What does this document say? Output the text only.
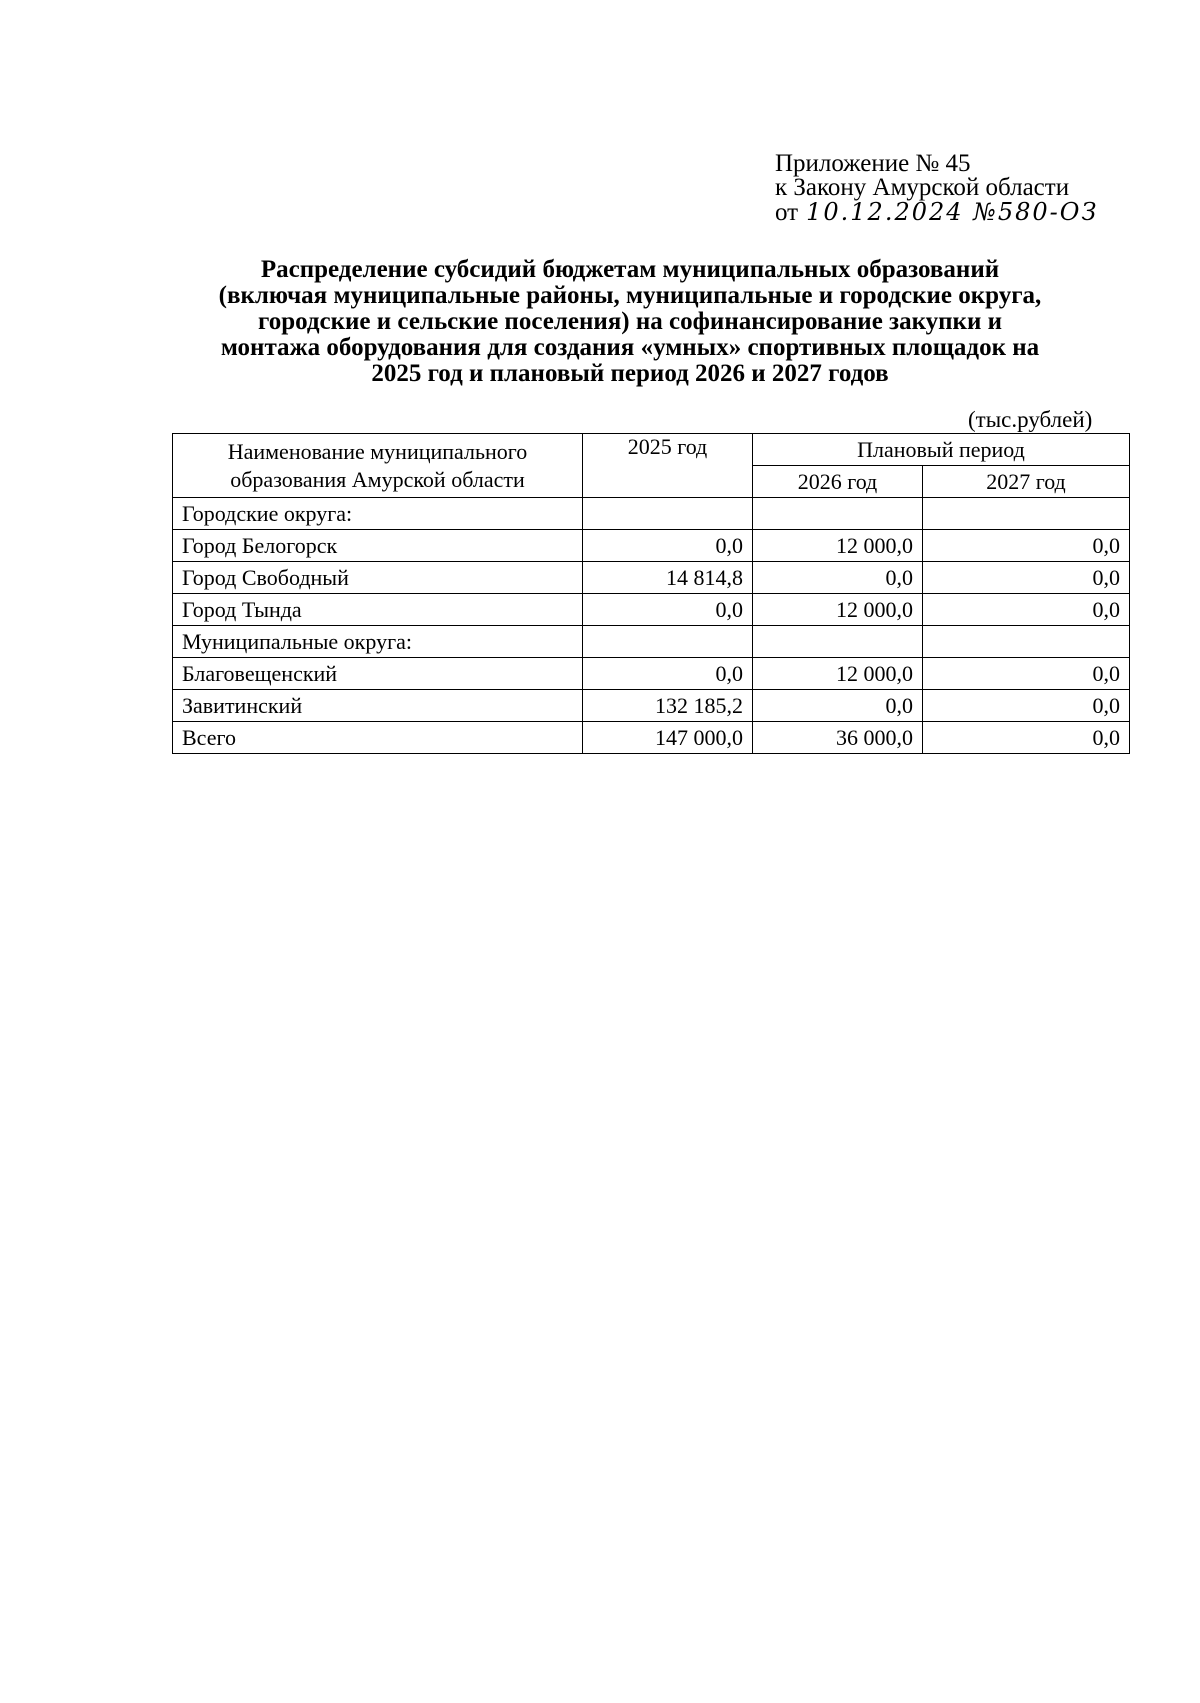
Приложение № 45
к Закону Амурской области
от 10.12.2024 №580-ОЗ
Распределение субсидий бюджетам муниципальных образований
(включая муниципальные районы, муниципальные и городские округа,
городские и сельские поселения) на софинансирование закупки и
монтажа оборудования для создания «умных» спортивных площадок на
2025 год и плановый период 2026 и 2027 годов
(тыс.рублей)
Наименование муниципального
образования Амурской области	2025 год	Плановый период	
		2026 год	2027 год
Городские округа:			
Город Белогорск	0,0	12 000,0	0,0
Город Свободный	14 814,8	0,0	0,0
Город Тында	0,0	12 000,0	0,0
Муниципальные округа:			
Благовещенский	0,0	12 000,0	0,0
Завитинский	132 185,2	0,0	0,0
Всего	147 000,0	36 000,0	0,0
